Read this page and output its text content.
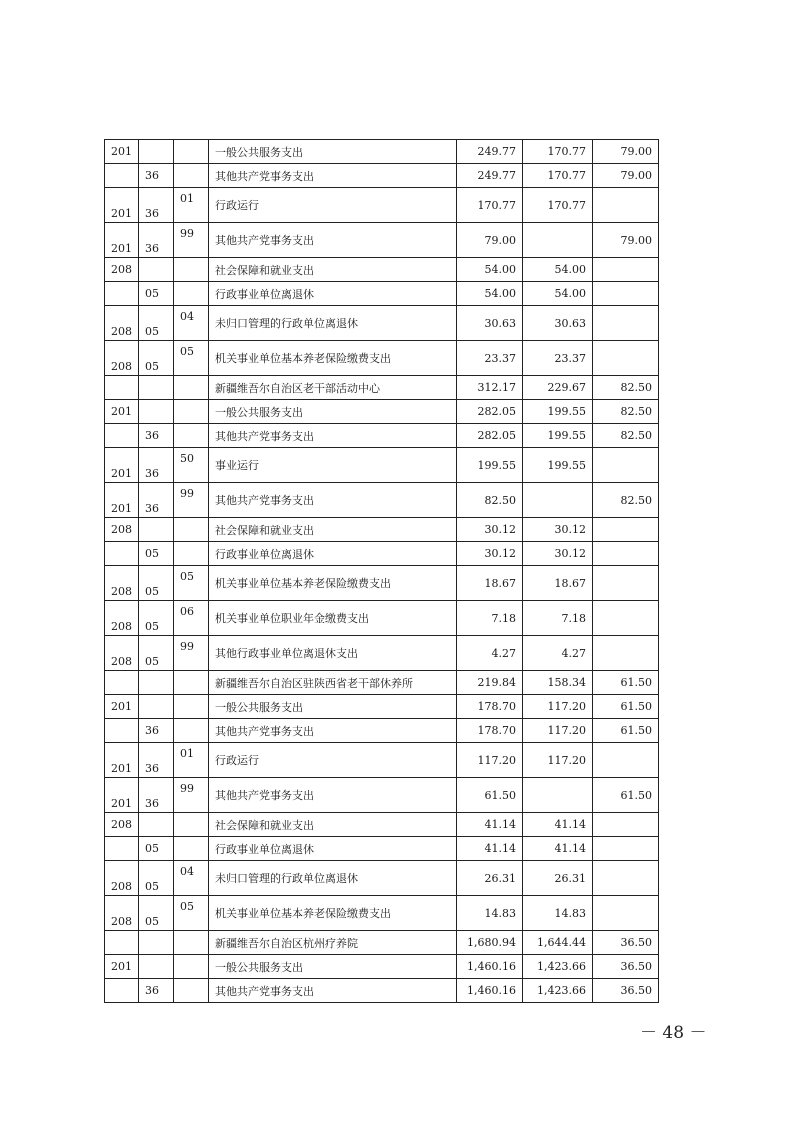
201			一般公共服务支出	249.77	170.77	79.00
	36		其他共产党事务支出	249.77	170.77	79.00
201	36	01	行政运行	170.77	170.77	
201	36	99	其他共产党事务支出	79.00		79.00
208			社会保障和就业支出	54.00	54.00	
	05		行政事业单位离退休	54.00	54.00	
208	05	04	未归口管理的行政单位离退休	30.63	30.63	
208	05	05	机关事业单位基本养老保险缴费支出	23.37	23.37	
			新疆维吾尔自治区老干部活动中心	312.17	229.67	82.50
201			一般公共服务支出	282.05	199.55	82.50
	36		其他共产党事务支出	282.05	199.55	82.50
201	36	50	事业运行	199.55	199.55	
201	36	99	其他共产党事务支出	82.50		82.50
208			社会保障和就业支出	30.12	30.12	
	05		行政事业单位离退休	30.12	30.12	
208	05	05	机关事业单位基本养老保险缴费支出	18.67	18.67	
208	05	06	机关事业单位职业年金缴费支出	7.18	7.18	
208	05	99	其他行政事业单位离退休支出	4.27	4.27	
			新疆维吾尔自治区驻陕西省老干部休养所	219.84	158.34	61.50
201			一般公共服务支出	178.70	117.20	61.50
	36		其他共产党事务支出	178.70	117.20	61.50
201	36	01	行政运行	117.20	117.20	
201	36	99	其他共产党事务支出	61.50		61.50
208			社会保障和就业支出	41.14	41.14	
	05		行政事业单位离退休	41.14	41.14	
208	05	04	未归口管理的行政单位离退休	26.31	26.31	
208	05	05	机关事业单位基本养老保险缴费支出	14.83	14.83	
			新疆维吾尔自治区杭州疗养院	1,680.94	1,644.44	36.50
201			一般公共服务支出	1,460.16	1,423.66	36.50
	36		其他共产党事务支出	1,460.16	1,423.66	36.50
－ 48 －
